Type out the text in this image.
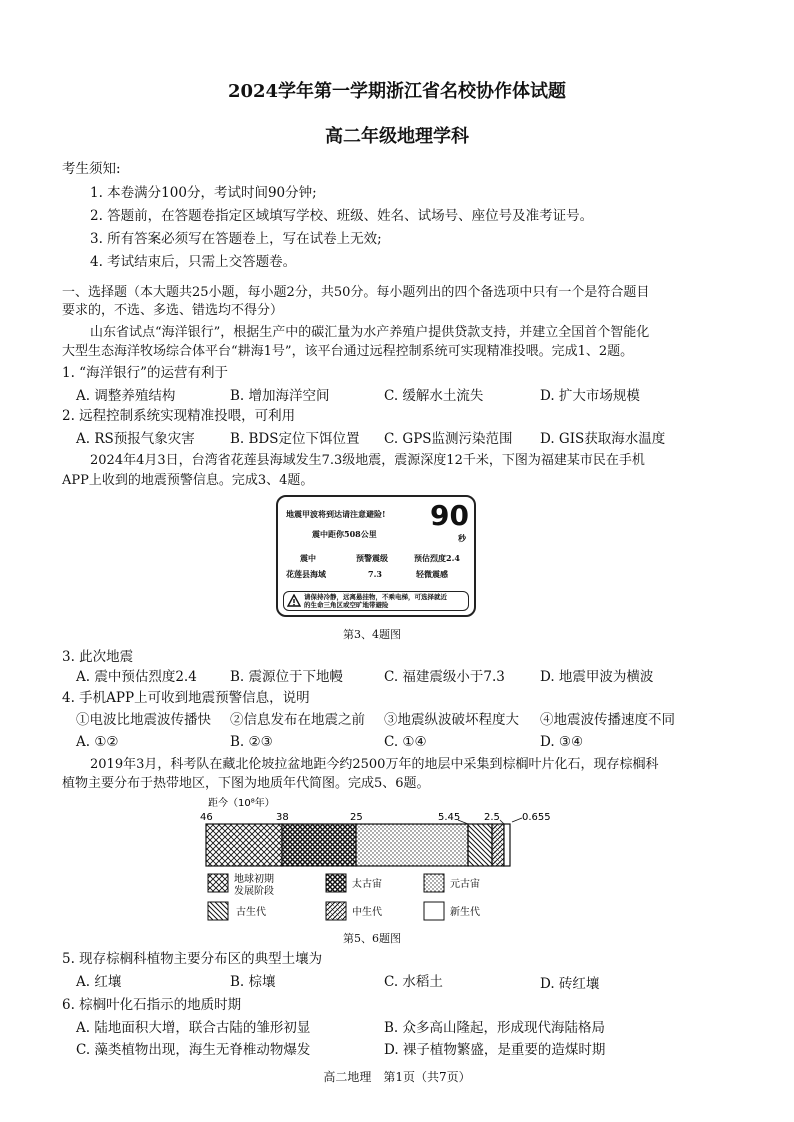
2024学年第一学期浙江省名校协作体试题
高二年级地理学科
考生须知:
1. 本卷满分100分，考试时间90分钟;
2. 答题前，在答题卷指定区域填写学校、班级、姓名、试场号、座位号及准考证号。
3. 所有答案必须写在答题卷上，写在试卷上无效;
4. 考试结束后，只需上交答题卷。
一、选择题（本大题共25小题，每小题2分，共50分。每小题列出的四个备选项中只有一个是符合题目
要求的，不选、多选、错选均不得分）
山东省试点“海洋银行”，根据生产中的碳汇量为水产养殖户提供贷款支持，并建立全国首个智能化
大型生态海洋牧场综合体平台“耕海1号”，该平台通过远程控制系统可实现精准投喂。完成1、2题。
1. “海洋银行”的运营有利于
A. 调整养殖结构	B. 增加海洋空间	C. 缓解水土流失	D. 扩大市场规模
2. 远程控制系统实现精准投喂，可利用
A. RS预报气象灾害	B. BDS定位下饵位置 C. GPS监测污染范围 D. GIS获取海水温度
2024年4月3日，台湾省花莲县海域发生7.3级地震，震源深度12千米，下图为福建某市民在手机
APP上收到的地震预警信息。完成3、4题。
地震甲波将到达请注意避险! 90
秒
震中距你508公里
震中
花莲县海域
预警震级
7.3
预估烈度2.4
轻微震感
请保持冷静，远离悬挂物，不乘电梯，可选择就近
的生命三角区或空旷地带避险
第3、4题图
3. 此次地震
A. 震中预估烈度2.4 B. 震源位于下地幔	C. 福建震级小于7.3	D. 地震甲波为横波
4. 手机APP上可收到地震预警信息，说明
①电波比地震波传播快 ②信息发布在地震之前 ③地震纵波破坏程度大 ④地震波传播速度不同
A. ①②	B. ②③	C. ①④	D. ③④
2019年3月，科考队在藏北伦坡拉盆地距今约2500万年的地层中采集到棕榈叶片化石，现存棕榈科
植物主要分布于热带地区，下图为地质年代简图。完成5、6题。
距今（10⁸年）
46	38	25	5.45 2.5 0.655
地球初期
发展阶段
太古宙	元古宙
古生代	中生代	新生代
第5、6题图
5. 现存棕榈科植物主要分布区的典型土壤为
A. 红壤	B. 棕壤	C. 水稻土	D. 砖红壤
6. 棕榈叶化石指示的地质时期
A. 陆地面积大增，联合古陆的雏形初显	B. 众多高山隆起，形成现代海陆格局
C. 藻类植物出现，海生无脊椎动物爆发	D. 裸子植物繁盛，是重要的造煤时期
高二地理　第1页（共7页）
